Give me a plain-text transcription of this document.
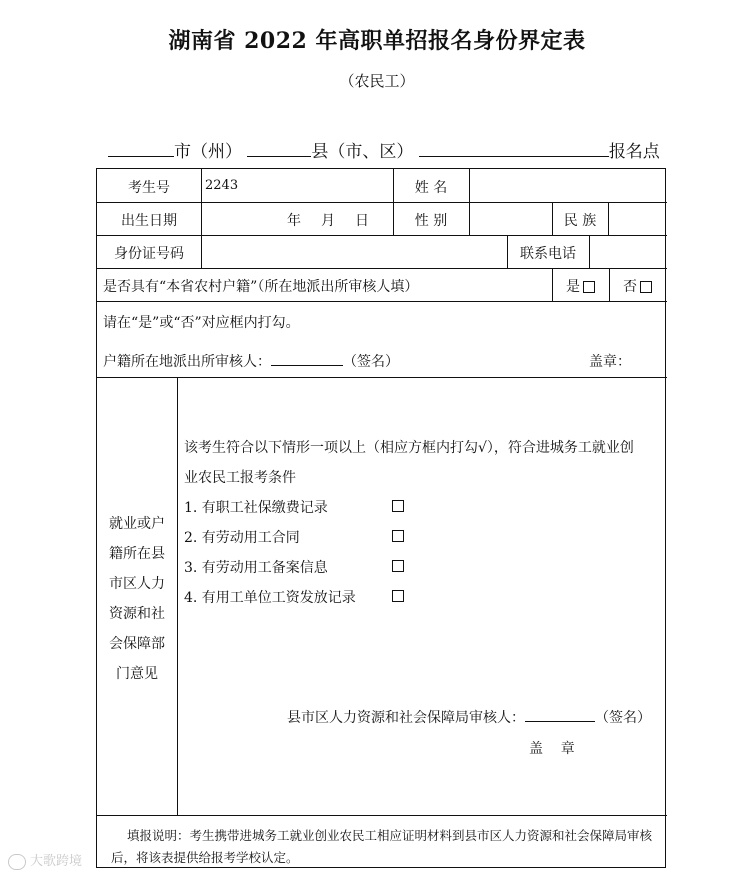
湖南省 2022 年高职单招报名身份界定表
（农民工）
市（州）	县（市、区）	报名点
考生号	2243	姓 名
出生日期	年 月 日	性 别	民 族
身份证号码	联系电话
是否具有“本省农村户籍”（所在地派出所审核人填）	是	否
请在“是”或“否”对应框内打勾。
户籍所在地派出所审核人：	（签名）	盖章：
就业或户
籍所在县
市区人力
资源和社
会保障部
门意见
该考生符合以下情形一项以上（相应方框内打勾√），符合进城务工就业创
业农民工报考条件
1. 有职工社保缴费记录
2. 有劳动用工合同
3. 有劳动用工备案信息
4. 有用工单位工资发放记录
县市区人力资源和社会保障局审核人：	（签名）
盖    章
填报说明：考生携带进城务工就业创业农民工相应证明材料到县市区人力资源和社会保障局审核
后，将该表提供给报考学校认定。
大歌跨境
